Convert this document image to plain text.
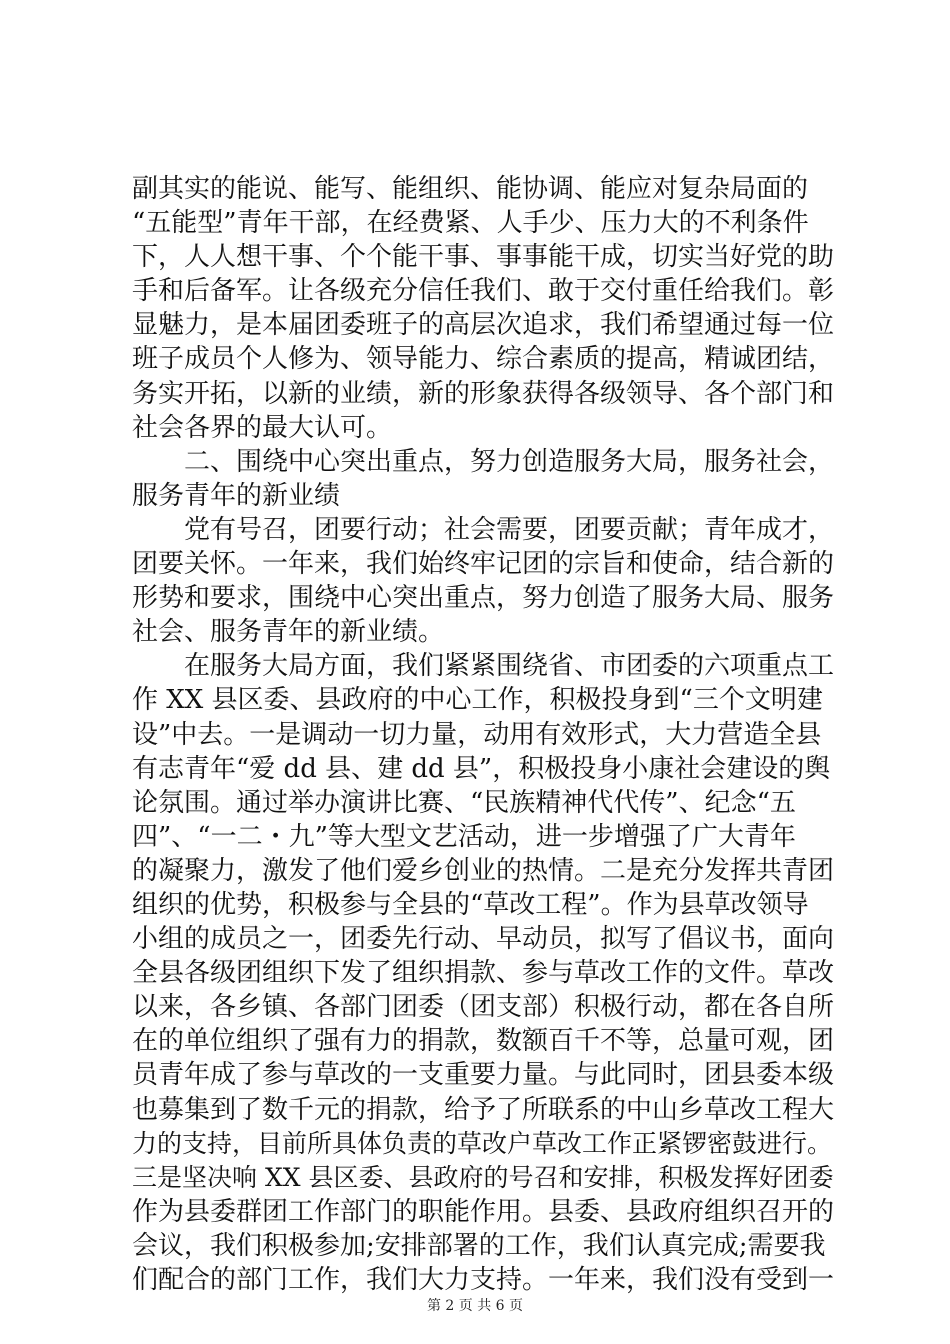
副其实的能说、能写、能组织、能协调、能应对复杂局面的
“五能型”青年干部，在经费紧、人手少、压力大的不利条件
下，人人想干事、个个能干事、事事能干成，切实当好党的助
手和后备军。让各级充分信任我们、敢于交付重任给我们。彰
显魅力，是本届团委班子的高层次追求，我们希望通过每一位
班子成员个人修为、领导能力、综合素质的提高，精诚团结，
务实开拓，以新的业绩，新的形象获得各级领导、各个部门和
社会各界的最大认可。
　　二、围绕中心突出重点，努力创造服务大局，服务社会，
服务青年的新业绩
　　党有号召，团要行动；社会需要，团要贡献；青年成才，
团要关怀。一年来，我们始终牢记团的宗旨和使命，结合新的
形势和要求，围绕中心突出重点，努力创造了服务大局、服务
社会、服务青年的新业绩。
　　在服务大局方面，我们紧紧围绕省、市团委的六项重点工
作 XX 县区委、县政府的中心工作，积极投身到“三个文明建
设”中去。一是调动一切力量，动用有效形式，大力营造全县
有志青年“爱 dd 县、建 dd 县”，积极投身小康社会建设的舆
论氛围。通过举办演讲比赛、“民族精神代代传”、纪念“五
四”、“一二・九”等大型文艺活动，进一步增强了广大青年
的凝聚力，激发了他们爱乡创业的热情。二是充分发挥共青团
组织的优势，积极参与全县的“草改工程”。作为县草改领导
小组的成员之一，团委先行动、早动员，拟写了倡议书，面向
全县各级团组织下发了组织捐款、参与草改工作的文件。草改
以来，各乡镇、各部门团委（团支部）积极行动，都在各自所
在的单位组织了强有力的捐款，数额百千不等，总量可观，团
员青年成了参与草改的一支重要力量。与此同时，团县委本级
也募集到了数千元的捐款，给予了所联系的中山乡草改工程大
力的支持，目前所具体负责的草改户草改工作正紧锣密鼓进行。
三是坚决响 XX 县区委、县政府的号召和安排，积极发挥好团委
作为县委群团工作部门的职能作用。县委、县政府组织召开的
会议，我们积极参加;安排部署的工作，我们认真完成;需要我
们配合的部门工作，我们大力支持。一年来，我们没有受到一
第 2 页 共 6 页
